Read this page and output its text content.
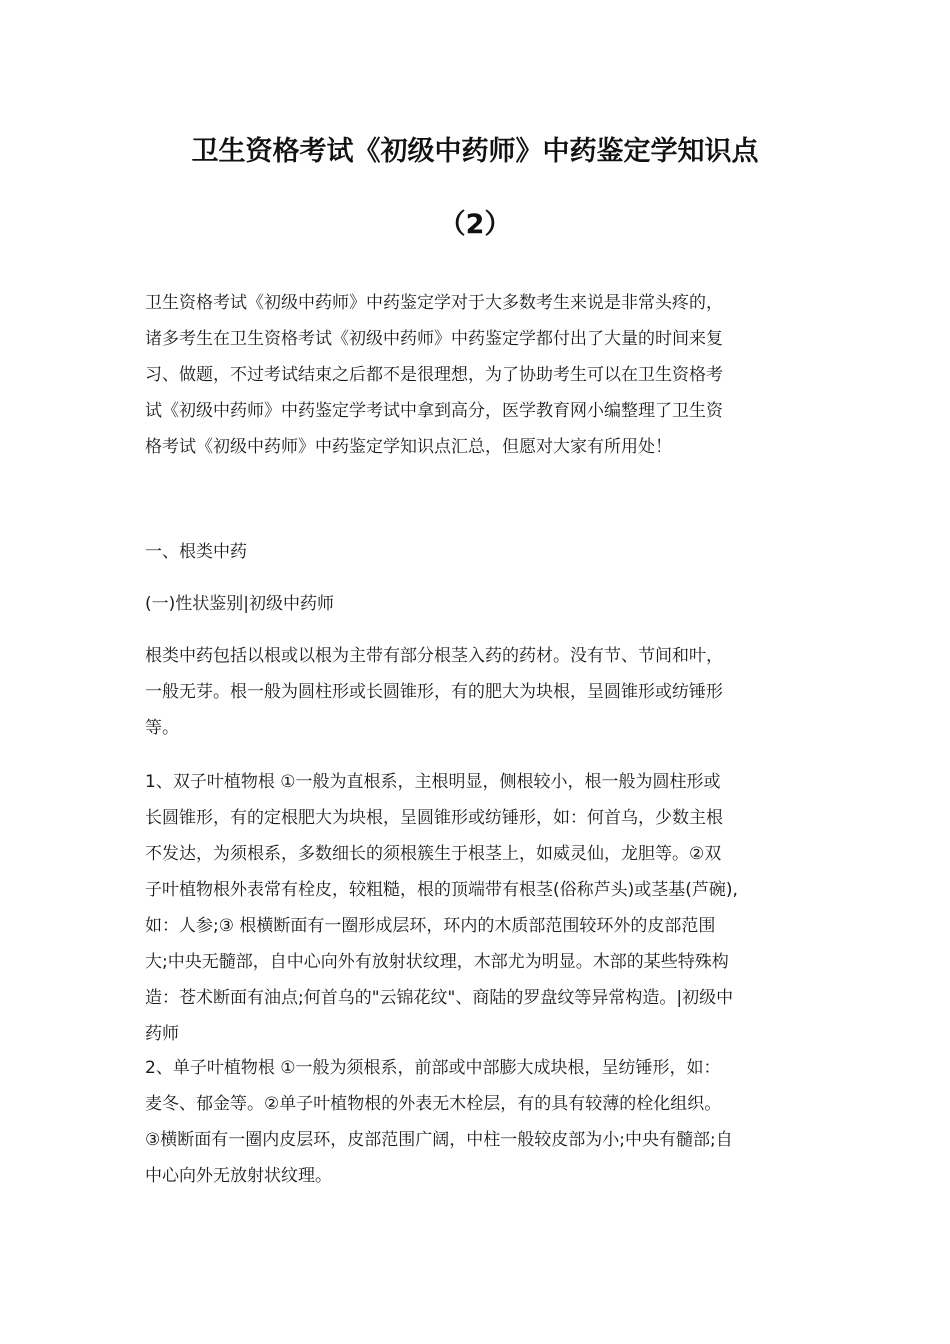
卫生资格考试《初级中药师》中药鉴定学知识点
（2）
卫生资格考试《初级中药师》中药鉴定学对于大多数考生来说是非常头疼的，
诸多考生在卫生资格考试《初级中药师》中药鉴定学都付出了大量的时间来复
习、做题，不过考试结束之后都不是很理想，为了协助考生可以在卫生资格考
试《初级中药师》中药鉴定学考试中拿到高分，医学教育网小编整理了卫生资
格考试《初级中药师》中药鉴定学知识点汇总，但愿对大家有所用处！
一、根类中药
(一)性状鉴别|初级中药师
根类中药包括以根或以根为主带有部分根茎入药的药材。没有节、节间和叶，
一般无芽。根一般为圆柱形或长圆锥形，有的肥大为块根，呈圆锥形或纺锤形
等。
1、双子叶植物根 ①一般为直根系，主根明显，侧根较小，根一般为圆柱形或
长圆锥形，有的定根肥大为块根，呈圆锥形或纺锤形，如：何首乌，少数主根
不发达，为须根系，多数细长的须根簇生于根茎上，如威灵仙，龙胆等。②双
子叶植物根外表常有栓皮，较粗糙，根的顶端带有根茎(俗称芦头)或茎基(芦碗),
如：人参;③ 根横断面有一圈形成层环，环内的木质部范围较环外的皮部范围
大;中央无髓部，自中心向外有放射状纹理，木部尤为明显。木部的某些特殊构
造：苍术断面有油点;何首乌的"云锦花纹"、商陆的罗盘纹等异常构造。|初级中
药师
2、单子叶植物根 ①一般为须根系，前部或中部膨大成块根，呈纺锤形，如：
麦冬、郁金等。②单子叶植物根的外表无木栓层，有的具有较薄的栓化组织。
③横断面有一圈内皮层环，皮部范围广阔，中柱一般较皮部为小;中央有髓部;自
中心向外无放射状纹理。
